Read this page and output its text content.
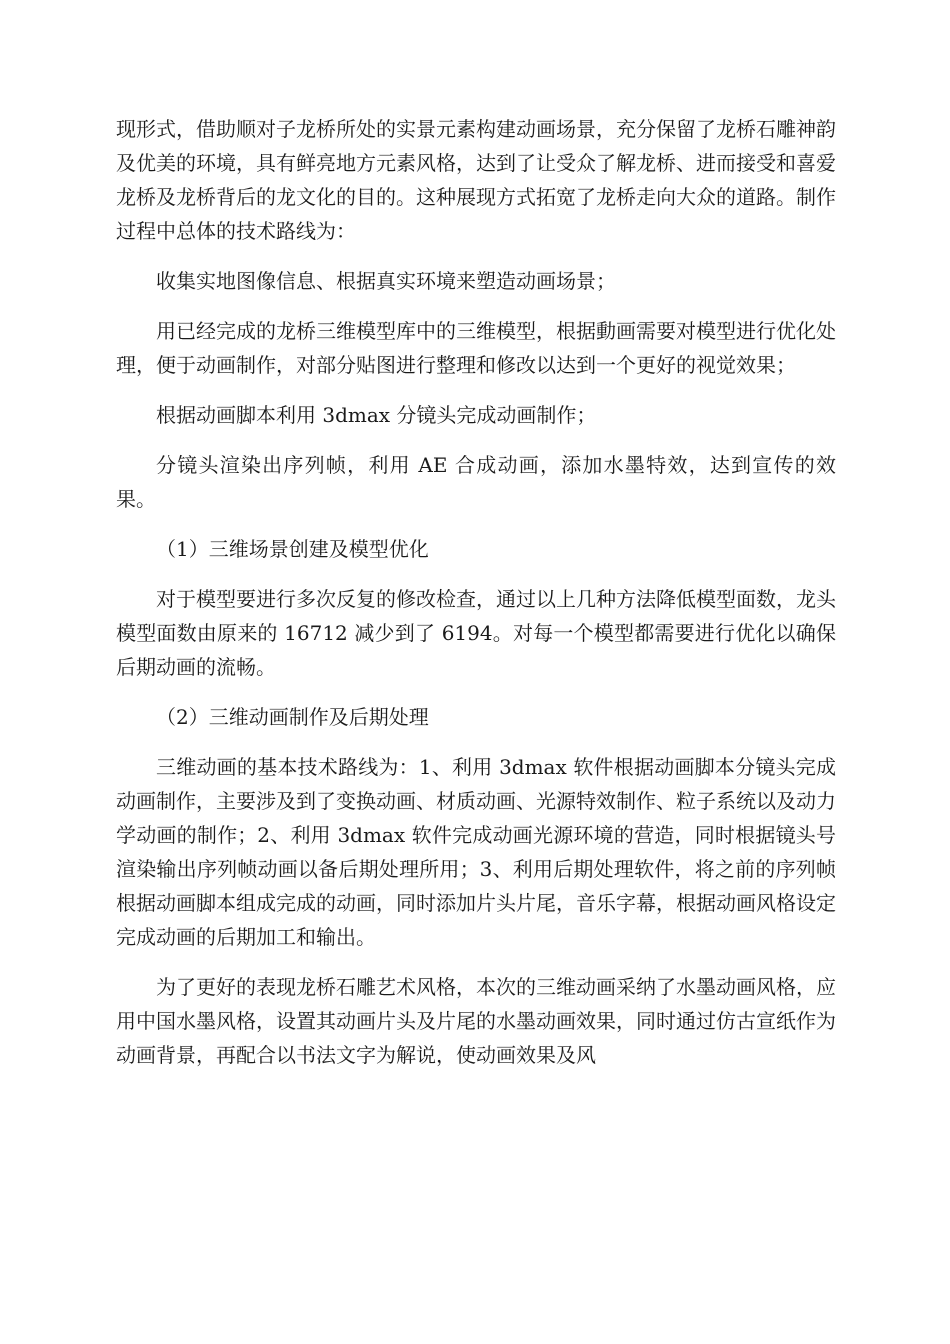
现形式，借助顺对子龙桥所处的实景元素构建动画场景，充分保留了龙桥石雕神韵及优美的环境，具有鲜亮地方元素风格，达到了让受众了解龙桥、进而接受和喜爱龙桥及龙桥背后的龙文化的目的。这种展现方式拓宽了龙桥走向大众的道路。制作过程中总体的技术路线为：

收集实地图像信息、根据真实环境来塑造动画场景；

用已经完成的龙桥三维模型库中的三维模型，根据動画需要对模型进行优化处理，便于动画制作，对部分贴图进行整理和修改以达到一个更好的视觉效果；

根据动画脚本利用 3dmax 分镜头完成动画制作；

分镜头渲染出序列帧，利用 AE 合成动画，添加水墨特效，达到宣传的效果。

（1）三维场景创建及模型优化

对于模型要进行多次反复的修改检查，通过以上几种方法降低模型面数，龙头模型面数由原来的 16712 减少到了 6194。对每一个模型都需要进行优化以确保后期动画的流畅。

（2）三维动画制作及后期处理

三维动画的基本技术路线为：1、利用 3dmax 软件根据动画脚本分镜头完成动画制作，主要涉及到了变换动画、材质动画、光源特效制作、粒子系统以及动力学动画的制作；2、利用 3dmax 软件完成动画光源环境的营造，同时根据镜头号渲染输出序列帧动画以备后期处理所用；3、利用后期处理软件，将之前的序列帧根据动画脚本组成完成的动画，同时添加片头片尾，音乐字幕，根据动画风格设定完成动画的后期加工和输出。

为了更好的表现龙桥石雕艺术风格，本次的三维动画采纳了水墨动画风格，应用中国水墨风格，设置其动画片头及片尾的水墨动画效果，同时通过仿古宣纸作为动画背景，再配合以书法文字为解说，使动画效果及风
